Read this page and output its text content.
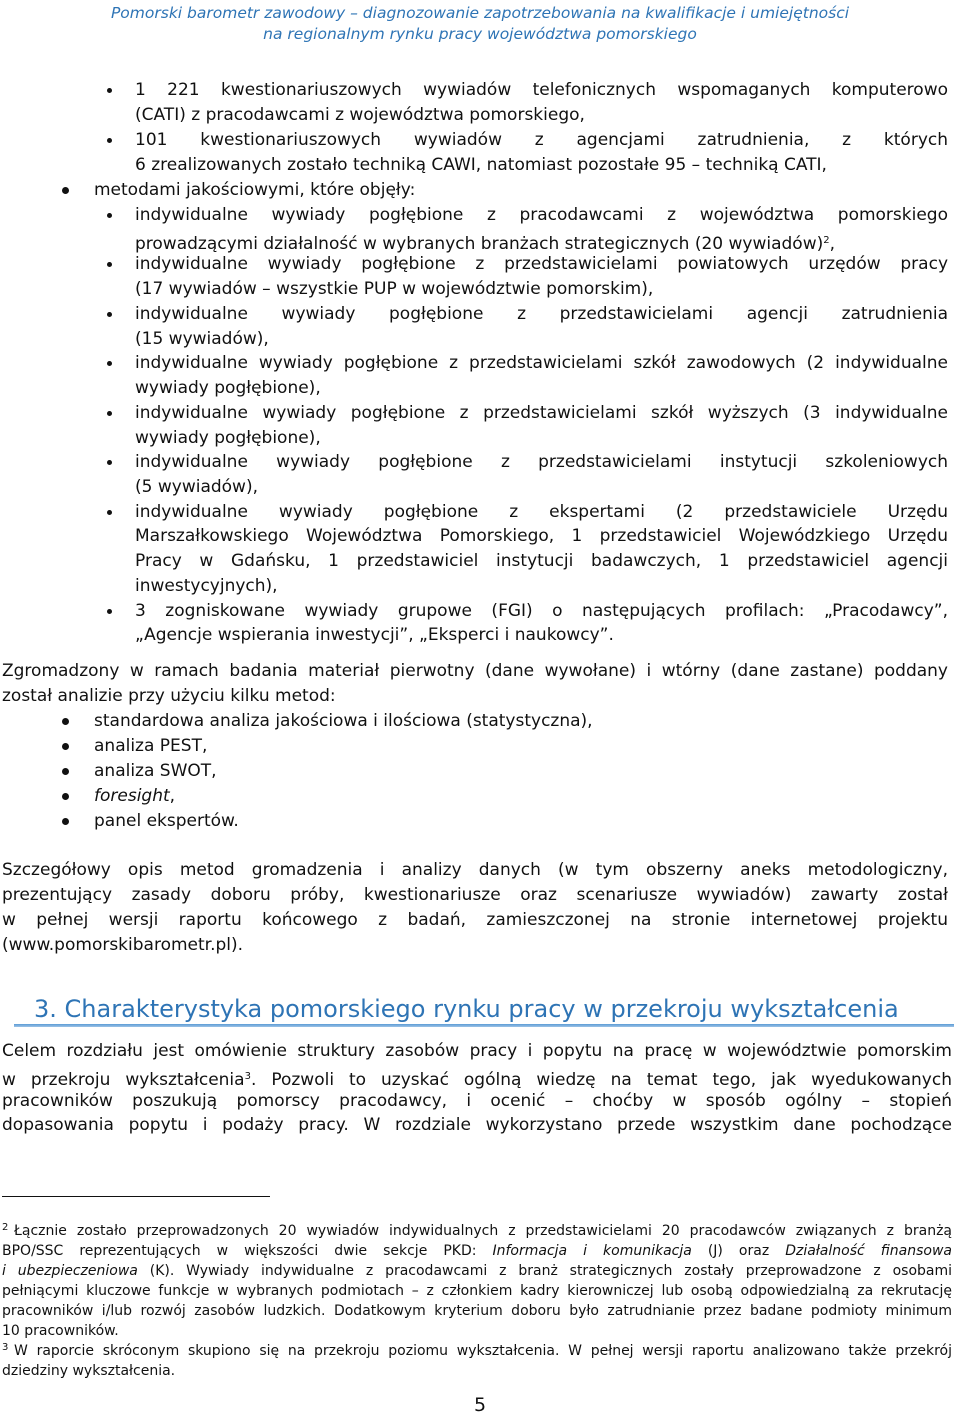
Pomorski barometr zawodowy – diagnozowanie zapotrzebowania na kwalifikacje i umiejętności
na regionalnym rynku pracy województwa pomorskiego
1 221 kwestionariuszowych wywiadów telefonicznych wspomaganych komputerowo
(CATI) z pracodawcami z województwa pomorskiego,
101 kwestionariuszowych wywiadów z agencjami zatrudnienia, z których
6 zrealizowanych zostało techniką CAWI, natomiast pozostałe 95 – techniką CATI,
metodami jakościowymi, które objęły:
indywidualne wywiady pogłębione z pracodawcami z województwa pomorskiego
prowadzącymi działalność w wybranych branżach strategicznych (20 wywiadów)$^2$,
indywidualne wywiady pogłębione z przedstawicielami powiatowych urzędów pracy
(17 wywiadów – wszystkie PUP w województwie pomorskim),
indywidualne wywiady pogłębione z przedstawicielami agencji zatrudnienia
(15 wywiadów),
indywidualne wywiady pogłębione z przedstawicielami szkół zawodowych (2 indywidualne
wywiady pogłębione),
indywidualne wywiady pogłębione z przedstawicielami szkół wyższych (3 indywidualne
wywiady pogłębione),
indywidualne wywiady pogłębione z przedstawicielami instytucji szkoleniowych
(5 wywiadów),
indywidualne wywiady pogłębione z ekspertami (2 przedstawiciele Urzędu
Marszałkowskiego Województwa Pomorskiego, 1 przedstawiciel Wojewódzkiego Urzędu
Pracy w Gdańsku, 1 przedstawiciel instytucji badawczych, 1 przedstawiciel agencji
inwestycyjnych),
3 zogniskowane wywiady grupowe (FGI) o następujących profilach: „Pracodawcy”,
„Agencje wspierania inwestycji”, „Eksperci i naukowcy”.
Zgromadzony w ramach badania materiał pierwotny (dane wywołane) i wtórny (dane zastane) poddany
został analizie przy użyciu kilku metod:
standardowa analiza jakościowa i ilościowa (statystyczna),
analiza PEST,
analiza SWOT,
foresight,
panel ekspertów.
Szczegółowy opis metod gromadzenia i analizy danych (w tym obszerny aneks metodologiczny,
prezentujący zasady doboru próby, kwestionariusze oraz scenariusze wywiadów) zawarty został
w pełnej wersji raportu końcowego z badań, zamieszczonej na stronie internetowej projektu
(www.pomorskibarometr.pl).
3. Charakterystyka pomorskiego rynku pracy w przekroju wykształcenia
Celem rozdziału jest omówienie struktury zasobów pracy i popytu na pracę w województwie pomorskim
w przekroju wykształcenia$^3$. Pozwoli to uzyskać ogólną wiedzę na temat tego, jak wyedukowanych
pracowników poszukują pomorscy pracodawcy, i ocenić – choćby w sposób ogólny – stopień
dopasowania popytu i podaży pracy. W rozdziale wykorzystano przede wszystkim dane pochodzące
$^2$ Łącznie zostało przeprowadzonych 20 wywiadów indywidualnych z przedstawicielami 20 pracodawców związanych z branżą
BPO/SSC reprezentujących w większości dwie sekcje PKD: Informacja i komunikacja (J) oraz Działalność finansowa
i ubezpieczeniowa (K). Wywiady indywidualne z pracodawcami z branż strategicznych zostały przeprowadzone z osobami
pełniącymi kluczowe funkcje w wybranych podmiotach – z członkiem kadry kierowniczej lub osobą odpowiedzialną za rekrutację
pracowników i/lub rozwój zasobów ludzkich. Dodatkowym kryterium doboru było zatrudnianie przez badane podmioty minimum
10 pracowników.
$^3$ W raporcie skróconym skupiono się na przekroju poziomu wykształcenia. W pełnej wersji raportu analizowano także przekrój
dziedziny wykształcenia.
5
